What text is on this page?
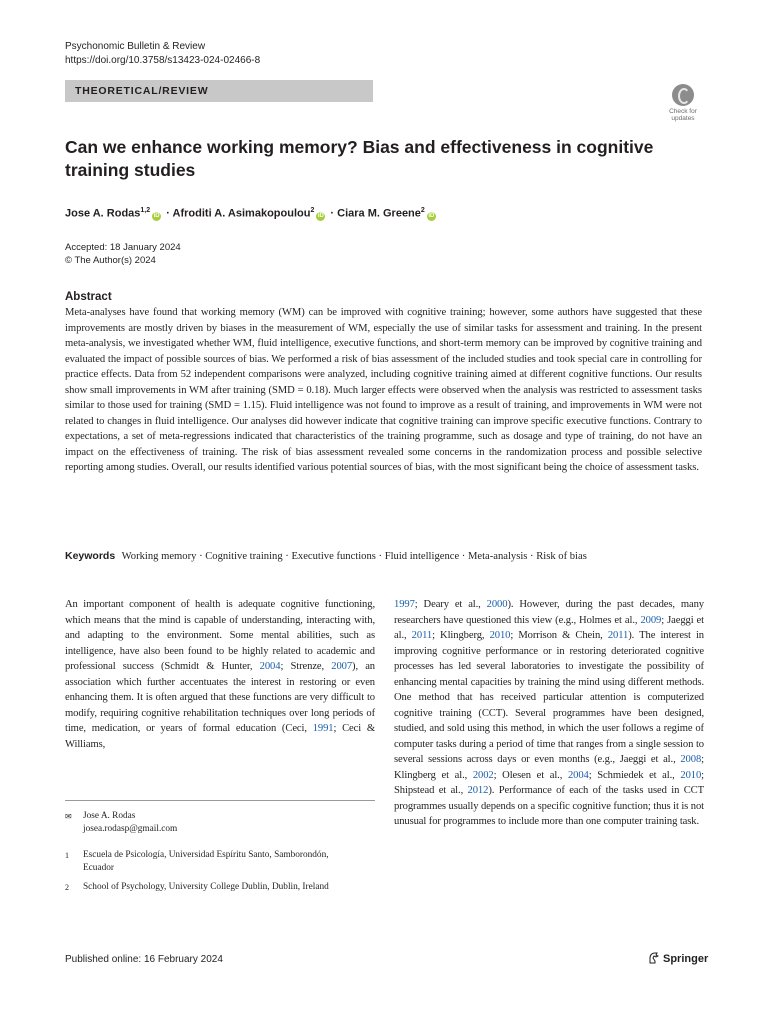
Psychonomic Bulletin & Review
https://doi.org/10.3758/s13423-024-02466-8
THEORETICAL/REVIEW
Check for
updates
Can we enhance working memory? Bias and effectiveness in cognitive training studies
Jose A. Rodas$^{1,2}$iD · Afroditi A. Asimakopoulou$^2$iD · Ciara M. Greene$^2$iD
Accepted: 18 January 2024
© The Author(s) 2024
Abstract
Meta-analyses have found that working memory (WM) can be improved with cognitive training; however, some authors have suggested that these improvements are mostly driven by biases in the measurement of WM, especially the use of similar tasks for assessment and training. In the present meta-analysis, we investigated whether WM, fluid intelligence, executive functions, and short-term memory can be improved by cognitive training and evaluated the impact of possible sources of bias. We performed a risk of bias assessment of the included studies and took special care in controlling for practice effects. Data from 52 independent comparisons were analyzed, including cognitive training aimed at different cognitive functions. Our results show small improvements in WM after training (SMD = 0.18). Much larger effects were observed when the analysis was restricted to assessment tasks similar to those used for training (SMD = 1.15). Fluid intelligence was not found to improve as a result of training, and improvements in WM were not related to changes in fluid intelligence. Our analyses did however indicate that cognitive training can improve specific executive functions. Contrary to expectations, a set of meta-regressions indicated that characteristics of the training programme, such as dosage and type of training, do not have an impact on the effectiveness of training. The risk of bias assessment revealed some concerns in the randomization process and possible selective reporting among studies. Overall, our results identified various potential sources of bias, with the most significant being the choice of assessment tasks.
Keywords Working memory · Cognitive training · Executive functions · Fluid intelligence · Meta-analysis · Risk of bias
An important component of health is adequate cognitive functioning, which means that the mind is capable of understanding, interacting with, and adapting to the environment. Some mental abilities, such as intelligence, have also been found to be highly related to academic and professional success (Schmidt & Hunter, 2004; Strenze, 2007), an association which further accentuates the interest in restoring or even enhancing them. It is often argued that these functions are very difficult to modify, requiring cognitive rehabilitation techniques over long periods of time, medication, or years of formal education (Ceci, 1991; Ceci & Williams,
1997; Deary et al., 2000). However, during the past decades, many researchers have questioned this view (e.g., Holmes et al., 2009; Jaeggi et al., 2011; Klingberg, 2010; Morrison & Chein, 2011). The interest in improving cognitive performance or in restoring deteriorated cognitive processes has led several laboratories to investigate the possibility of enhancing mental capacities by training the mind using different methods. One method that has received particular attention is computerized cognitive training (CCT). Several programmes have been designed, studied, and sold using this method, in which the user follows a regime of computer tasks during a period of time that ranges from a single session to several sessions across days or even months (e.g., Jaeggi et al., 2008; Klingberg et al., 2002; Olesen et al., 2004; Schmiedek et al., 2010; Shipstead et al., 2012). Performance of each of the tasks used in CCT programmes usually depends on a specific cognitive function; thus it is not unusual for programmes to include more than one computer training task.
✉ Jose A. Rodas
josea.rodasp@gmail.com
1 Escuela de Psicología, Universidad Espíritu Santo, Samborondón, Ecuador
2 School of Psychology, University College Dublin, Dublin, Ireland
Published online: 16 February 2024	Springer
